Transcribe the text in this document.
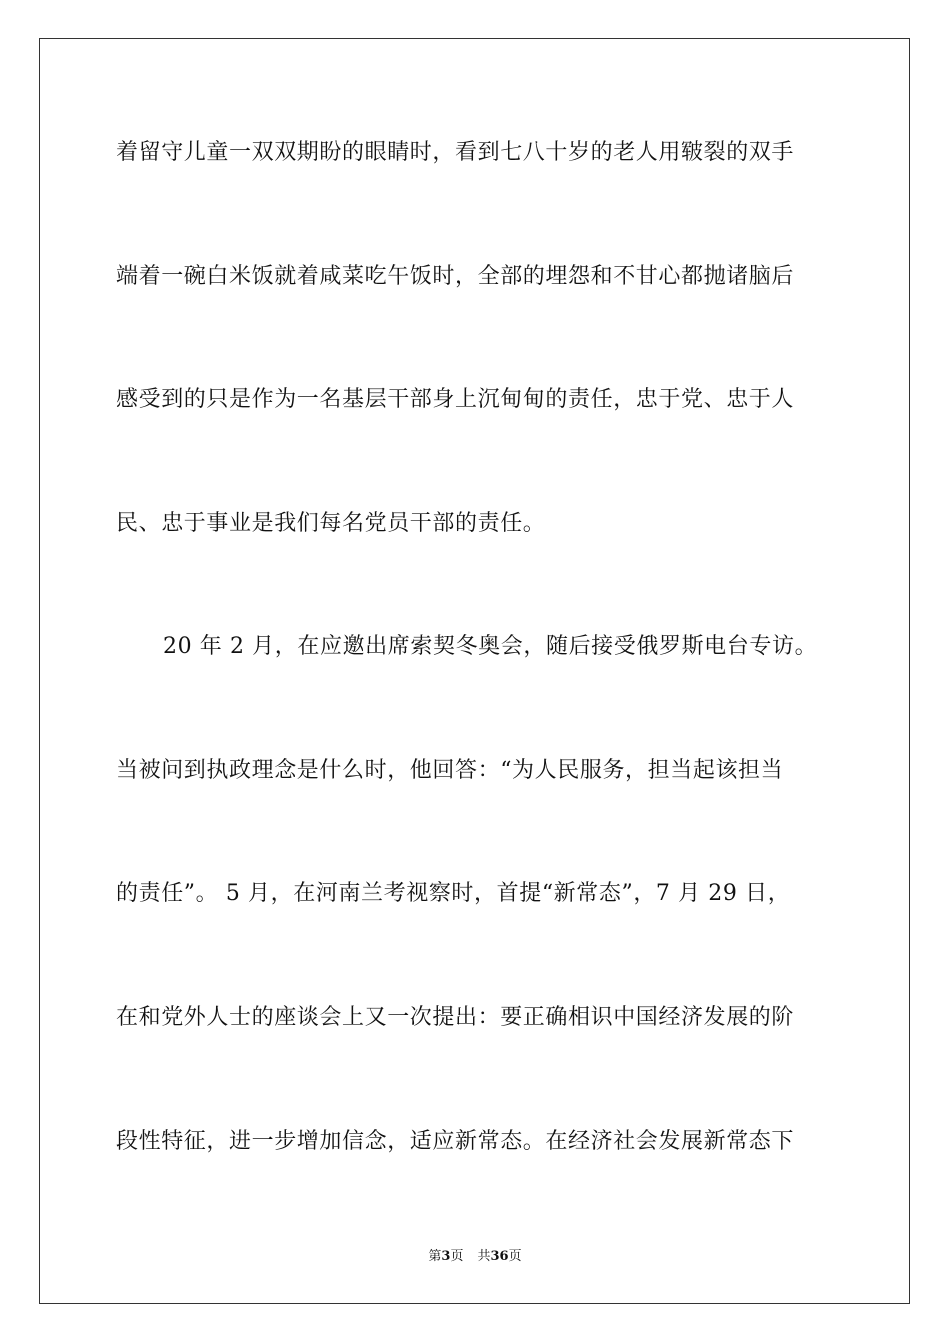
着留守儿童一双双期盼的眼睛时，看到七八十岁的老人用皲裂的双手
端着一碗白米饭就着咸菜吃午饭时，全部的埋怨和不甘心都抛诸脑后
感受到的只是作为一名基层干部身上沉甸甸的责任，忠于党、忠于人
民、忠于事业是我们每名党员干部的责任。
20 年 2 月，在应邀出席索契冬奥会，随后接受俄罗斯电台专访。
当被问到执政理念是什么时，他回答：“为人民服务，担当起该担当
的责任”。 5 月，在河南兰考视察时，首提“新常态”，7 月 29 日，
在和党外人士的座谈会上又一次提出：要正确相识中国经济发展的阶
段性特征，进一步增加信念，适应新常态。在经济社会发展新常态下
第3页 共36页
